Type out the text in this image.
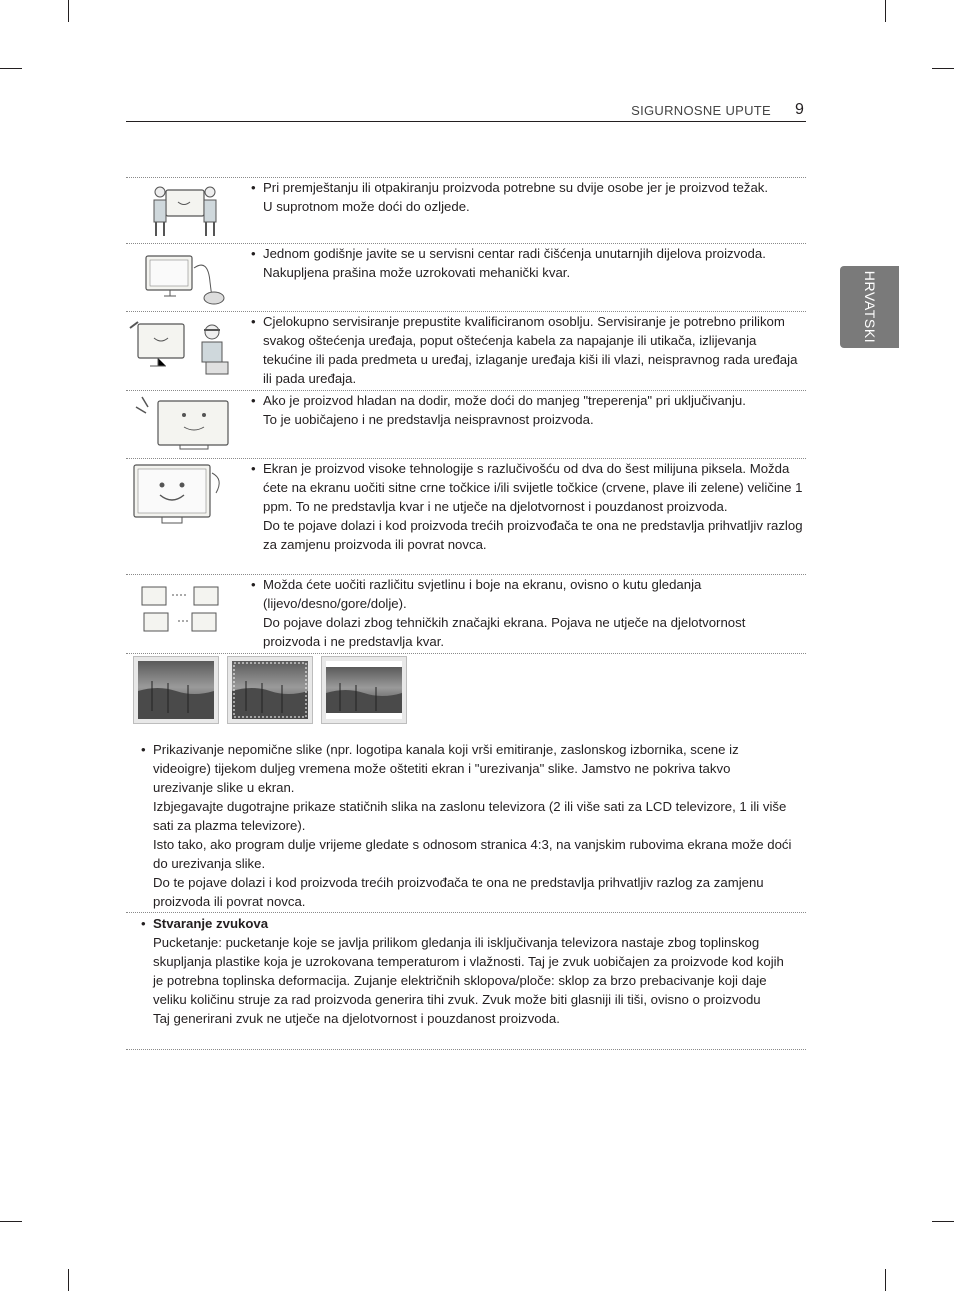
SIGURNOSNE UPUTE 9
HRVATSKI
• Pri premještanju ili otpakiranju proizvoda potrebne su dvije osobe jer je proizvod težak.

U suprotnom može doći do ozljede.

• Jednom godišnje javite se u servisni centar radi čišćenja unutarnjih dijelova proizvoda.

Nakupljena prašina može uzrokovati mehanički kvar.

• Cjelokupno servisiranje prepustite kvalificiranom osoblju. Servisiranje je potrebno prilikom svakog oštećenja uređaja, poput oštećenja kabela za napajanje ili utikača, izlijevanja tekućine ili pada predmeta u uređaj, izlaganje uređaja kiši ili vlazi, neispravnog rada uređaja ili pada uređaja.

• Ako je proizvod hladan na dodir, može doći do manjeg "treperenja" pri uključivanju.

To je uobičajeno i ne predstavlja neispravnost proizvoda.

• Ekran je proizvod visoke tehnologije s razlučivošću od dva do šest milijuna piksela. Možda ćete na ekranu uočiti sitne crne točkice i/ili svijetle točkice (crvene, plave ili zelene) veličine 1 ppm. To ne predstavlja kvar i ne utječe na djelotvornost i pouzdanost proizvoda.

Do te pojave dolazi i kod proizvoda trećih proizvođača te ona ne predstavlja prihvatljiv razlog za zamjenu proizvoda ili povrat novca.

• Možda ćete uočiti različitu svjetlinu i boje na ekranu, ovisno o kutu gledanja (lijevo/desno/gore/dolje).

Do pojave dolazi zbog tehničkih značajki ekrana. Pojava ne utječe na djelotvornost proizvoda i ne predstavlja kvar.

• Prikazivanje nepomične slike (npr. logotipa kanala koji vrši emitiranje, zaslonskog izbornika, scene iz videoigre) tijekom duljeg vremena može oštetiti ekran i "urezivanja" slike. Jamstvo ne pokriva takvo urezivanje slike u ekran.

Izbjegavajte dugotrajne prikaze statičnih slika na zaslonu televizora (2 ili više sati za LCD televizore, 1 ili više sati za plazma televizore).

Isto tako, ako program dulje vrijeme gledate s odnosom stranica 4:3, na vanjskim rubovima ekrana može doći do urezivanja slike.

Do te pojave dolazi i kod proizvoda trećih proizvođača te ona ne predstavlja prihvatljiv razlog za zamjenu proizvoda ili povrat novca.

• Stvaranje zvukova

Pucketanje: pucketanje koje se javlja prilikom gledanja ili isključivanja televizora nastaje zbog toplinskog skupljanja plastike koja je uzrokovana temperaturom i vlažnosti. Taj je zvuk uobičajen za proizvode kod kojih je potrebna toplinska deformacija. Zujanje električnih sklopova/ploče: sklop za brzo prebacivanje koji daje veliku količinu struje za rad proizvoda generira tihi zvuk. Zvuk može biti glasniji ili tiši, ovisno o proizvodu

Taj generirani zvuk ne utječe na djelotvornost i pouzdanost proizvoda.
